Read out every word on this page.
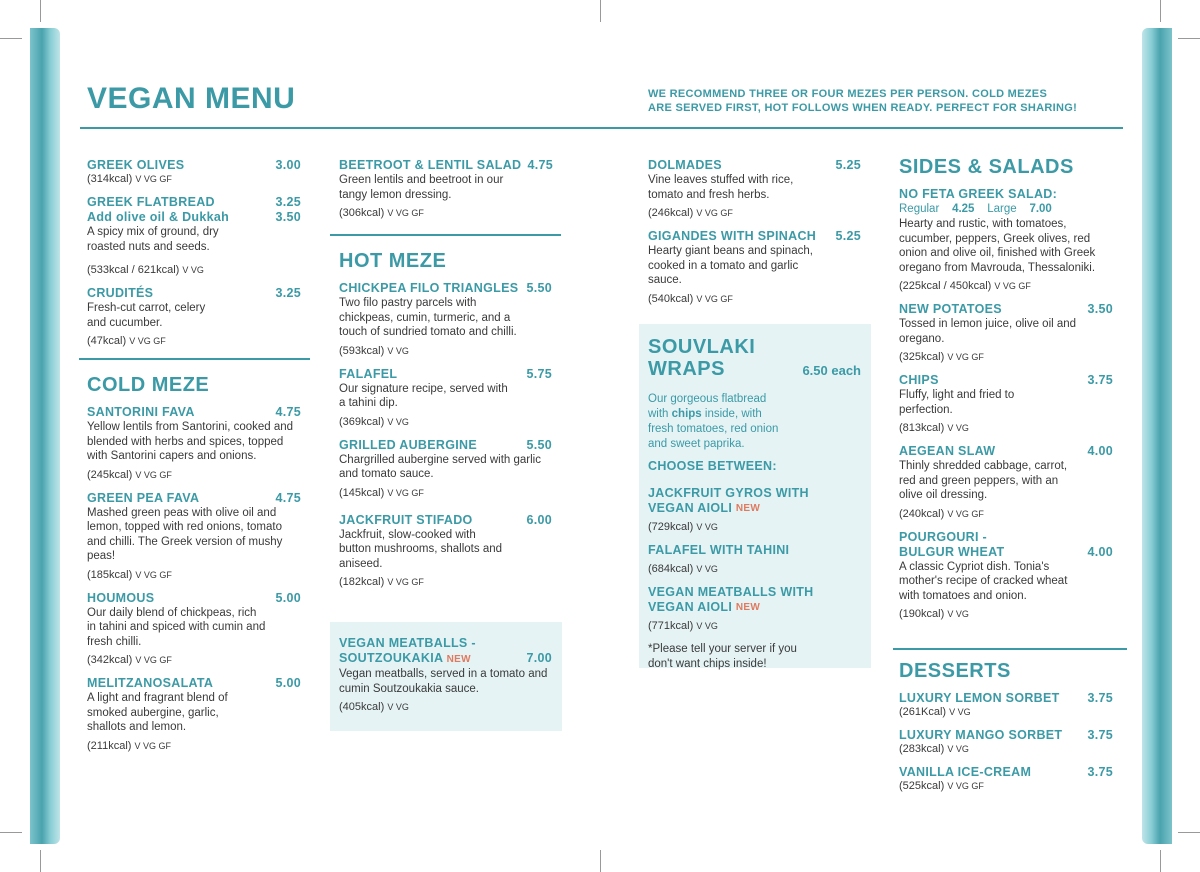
VEGAN MENU	WE RECOMMEND THREE OR FOUR MEZES PER PERSON. COLD MEZES
ARE SERVED FIRST, HOT FOLLOWS WHEN READY. PERFECT FOR SHARING!
GREEK OLIVES	3.00
(314kcal) V VG GF
GREEK FLATBREAD	3.25
Add olive oil & Dukkah	3.50
A spicy mix of ground, dry roasted nuts and seeds.
(533kcal / 621kcal) V VG
CRUDITÉS	3.25
Fresh-cut carrot, celery and cucumber.
(47kcal) V VG GF
COLD MEZE
SANTORINI FAVA	4.75
Yellow lentils from Santorini, cooked and blended with herbs and spices, topped with Santorini capers and onions.
(245kcal) V VG GF
GREEN PEA FAVA	4.75
Mashed green peas with olive oil and lemon, topped with red onions, tomato and chilli. The Greek version of mushy peas!
(185kcal) V VG GF
HOUMOUS	5.00
Our daily blend of chickpeas, rich in tahini and spiced with cumin and fresh chilli.
(342kcal) V VG GF
MELITZANOSALATA	5.00
A light and fragrant blend of smoked aubergine, garlic, shallots and lemon.
(211kcal) V VG GF
BEETROOT & LENTIL SALAD 4.75
Green lentils and beetroot in our tangy lemon dressing.
(306kcal) V VG GF
HOT MEZE
CHICKPEA FILO TRIANGLES 5.50
Two filo pastry parcels with chickpeas, cumin, turmeric, and a touch of sundried tomato and chilli.
(593kcal) V VG
FALAFEL	5.75
Our signature recipe, served with a tahini dip.
(369kcal) V VG
GRILLED AUBERGINE	5.50
Chargrilled aubergine served with garlic and tomato sauce.
(145kcal) V VG GF
JACKFRUIT STIFADO	6.00
Jackfruit, slow-cooked with button mushrooms, shallots and aniseed.
(182kcal) V VG GF
VEGAN MEATBALLS -
SOUTZOUKAKIA NEW	7.00
Vegan meatballs, served in a tomato and cumin Soutzoukakia sauce.
(405kcal) V VG
DOLMADES	5.25
Vine leaves stuffed with rice, tomato and fresh herbs.
(246kcal) V VG GF
GIGANDES WITH SPINACH 5.25
Hearty giant beans and spinach, cooked in a tomato and garlic sauce.
(540kcal) V VG GF
SOUVLAKI
WRAPS	6.50 each
Our gorgeous flatbread
with chips inside, with
fresh tomatoes, red onion
and sweet paprika.
CHOOSE BETWEEN:
JACKFRUIT GYROS WITH
VEGAN AIOLI
NEW
(729kcal) V VG
FALAFEL WITH TAHINI
(684kcal) V VG
VEGAN MEATBALLS WITH
VEGAN AIOLI
NEW
(771kcal) V VG
*Please tell your server if you don't want chips inside!
SIDES & SALADS
NO FETA GREEK SALAD:
Regular 4.25 Large 7.00
Hearty and rustic, with tomatoes, cucumber, peppers, Greek olives, red onion and olive oil, finished with Greek oregano from Mavrouda, Thessaloniki.
(225kcal / 450kcal) V VG GF
NEW POTATOES	3.50
Tossed in lemon juice, olive oil and oregano.
(325kcal) V VG GF
CHIPS	3.75
Fluffy, light and fried to perfection.
(813kcal) V VG
AEGEAN SLAW	4.00
Thinly shredded cabbage, carrot, red and green peppers, with an olive oil dressing.
(240kcal) V VG GF
POURGOURI -
BULGUR WHEAT	4.00
A classic Cypriot dish. Tonia's mother's recipe of cracked wheat with tomatoes and onion.
(190kcal) V VG
DESSERTS
LUXURY LEMON SORBET 3.75
(261Kcal) V VG
LUXURY MANGO SORBET 3.75
(283kcal) V VG
VANILLA ICE-CREAM	3.75
(525kcal) V VG GF
